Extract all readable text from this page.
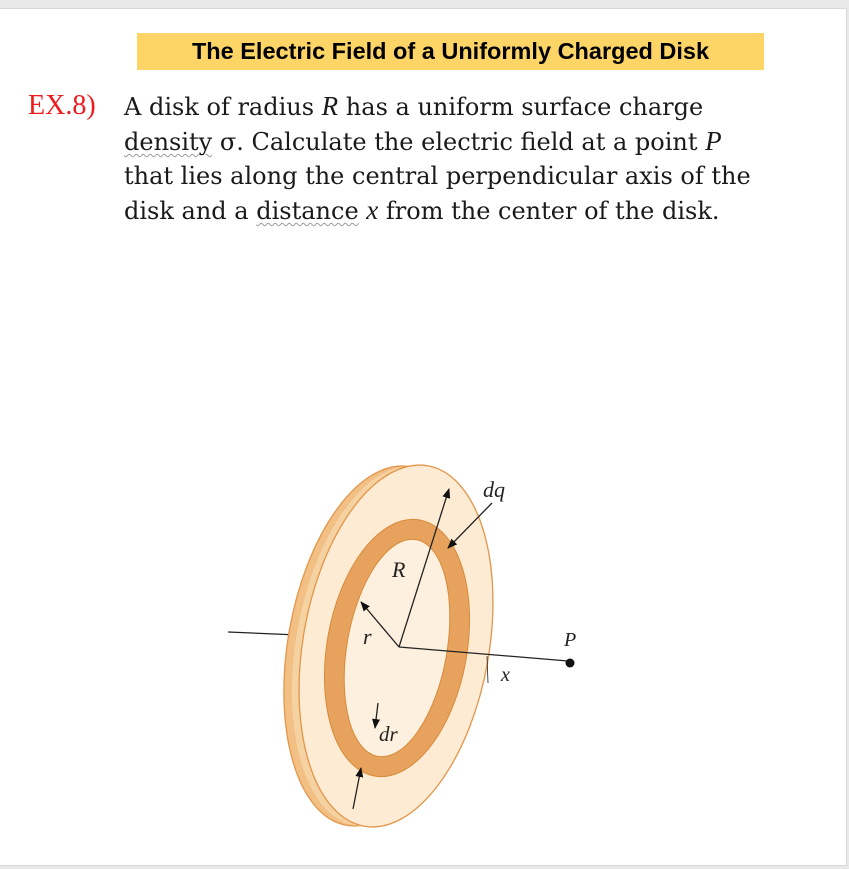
The Electric Field of a Uniformly Charged Disk
EX.8) A disk of radius R has a uniform surface charge
density σ. Calculate the electric field at a point P
that lies along the central perpendicular axis of the
disk and a distance x from the center of the disk.
dq
R
r	P
x
dr
